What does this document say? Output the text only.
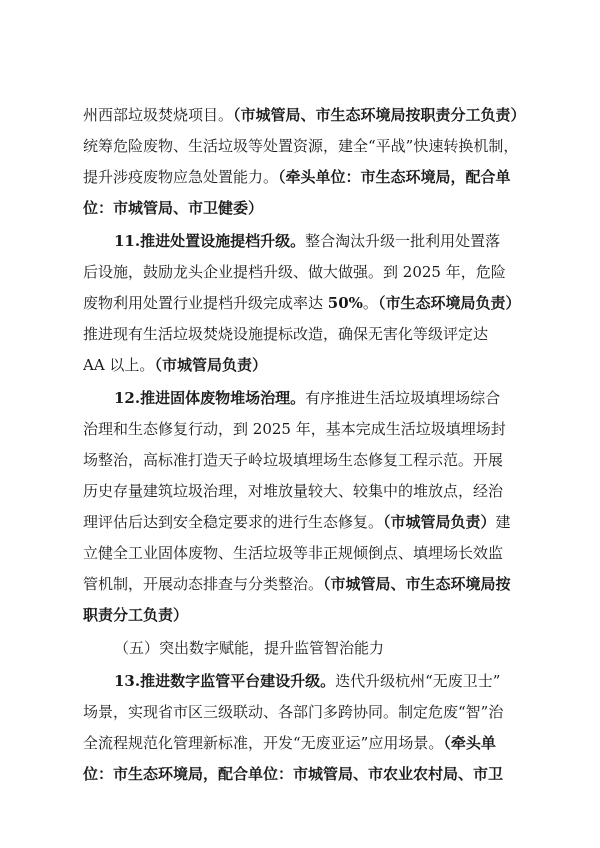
州西部垃圾焚烧项目。（市城管局、市生态环境局按职责分工负责）
统筹危险废物、生活垃圾等处置资源，建全“平战”快速转换机制，
提升涉疫废物应急处置能力。（牵头单位：市生态环境局，配合单
位：市城管局、市卫健委）
11.推进处置设施提档升级。整合淘汰升级一批利用处置落
后设施，鼓励龙头企业提档升级、做大做强。到 2025 年，危险
废物利用处置行业提档升级完成率达 50%。（市生态环境局负责）
推进现有生活垃圾焚烧设施提标改造，确保无害化等级评定达
AA 以上。（市城管局负责）
12.推进固体废物堆场治理。有序推进生活垃圾填埋场综合
治理和生态修复行动，到 2025 年，基本完成生活垃圾填埋场封
场整治，高标准打造天子岭垃圾填埋场生态修复工程示范。开展
历史存量建筑垃圾治理，对堆放量较大、较集中的堆放点，经治
理评估后达到安全稳定要求的进行生态修复。（市城管局负责）建
立健全工业固体废物、生活垃圾等非正规倾倒点、填埋场长效监
管机制，开展动态排查与分类整治。（市城管局、市生态环境局按
职责分工负责）
（五）突出数字赋能，提升监管智治能力
13.推进数字监管平台建设升级。迭代升级杭州“无废卫士”
场景，实现省市区三级联动、各部门多跨协同。制定危废“智”治
全流程规范化管理新标准，开发“无废亚运”应用场景。（牵头单
位：市生态环境局，配合单位：市城管局、市农业农村局、市卫
